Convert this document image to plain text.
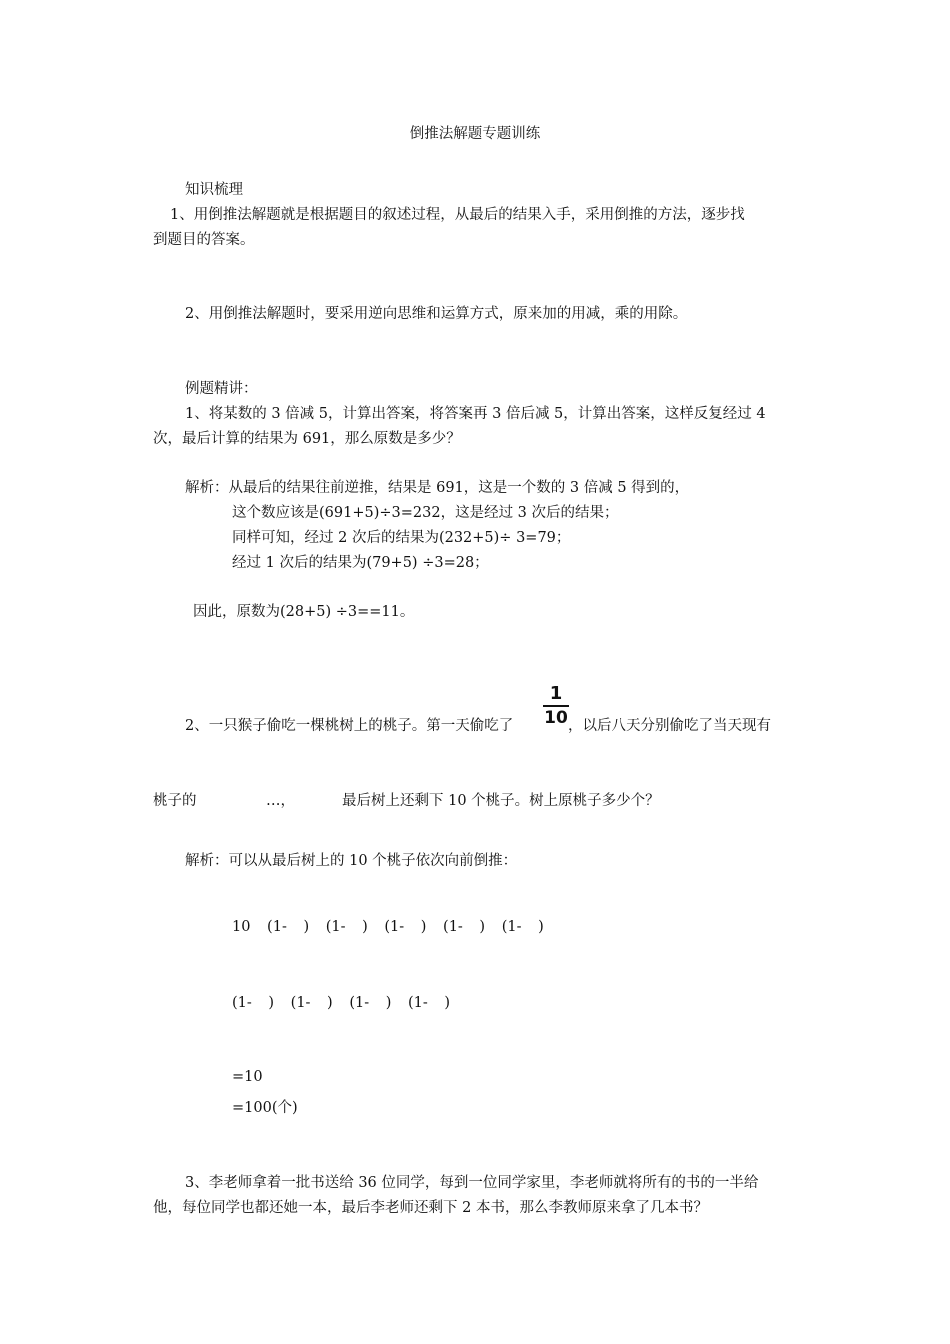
倒推法解题专题训练
知识梳理
1、用倒推法解题就是根据题目的叙述过程，从最后的结果入手，采用倒推的方法，逐步找
到题目的答案。
2、用倒推法解题时，要采用逆向思维和运算方式，原来加的用减，乘的用除。
例题精讲：
1、将某数的 3 倍减 5，计算出答案，将答案再 3 倍后减 5，计算出答案，这样反复经过 4
次，最后计算的结果为 691，那么原数是多少？
解析：从最后的结果往前逆推，结果是 691，这是一个数的 3 倍减 5 得到的，
这个数应该是(691+5)÷3=232，这是经过 3 次后的结果；
同样可知，经过 2 次后的结果为(232+5)÷ 3=79；
经过 1 次后的结果为(79+5) ÷3=28；
因此，原数为(28+5) ÷3==11。
2、一只猴子偷吃一棵桃树上的桃子。第一天偷吃了
1
10 ，以后八天分别偷吃了当天现有
桃子的	…，	最后树上还剩下 10 个桃子。树上原桃子多少个？
解析：可以从最后树上的 10 个桃子依次向前倒推：
10 (1- ) (1- ) (1- ) (1- ) (1- )
(1- ) (1- ) (1- ) (1- )
=10
=100(个)
3、李老师拿着一批书送给 36 位同学，每到一位同学家里，李老师就将所有的书的一半给
他，每位同学也都还她一本，最后李老师还剩下 2 本书，那么李教师原来拿了几本书？
